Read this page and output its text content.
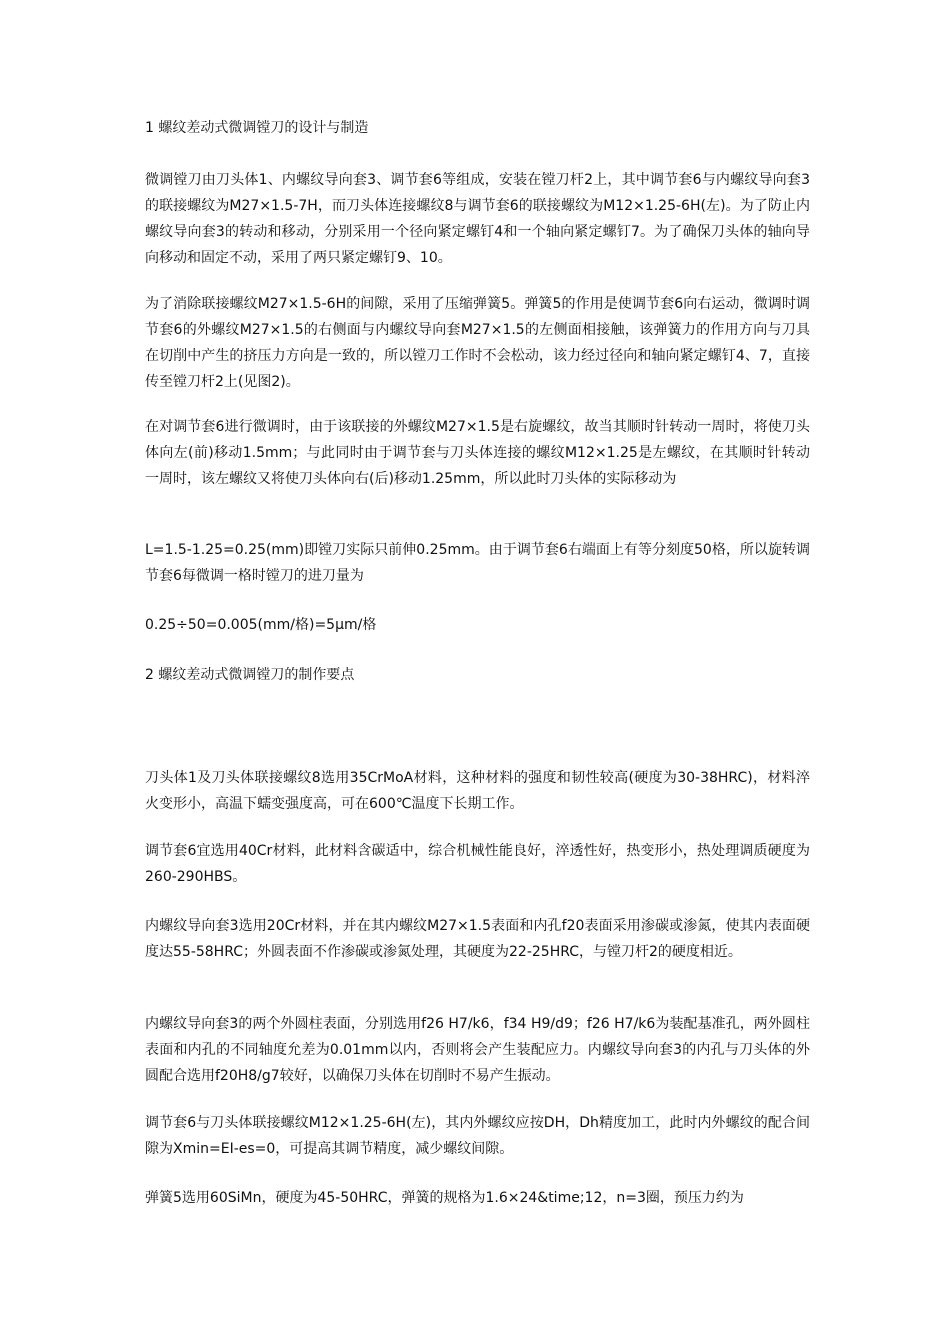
1 螺纹差动式微调镗刀的设计与制造

微调镗刀由刀头体1、内螺纹导向套3、调节套6等组成，安装在镗刀杆2上，其中调节套6与内螺纹导向套3的联接螺纹为M27×1.5-7H，而刀头体连接螺纹8与调节套6的联接螺纹为M12×1.25-6H(左)。为了防止内螺纹导向套3的转动和移动，分别采用一个径向紧定螺钉4和一个轴向紧定螺钉7。为了确保刀头体的轴向导向移动和固定不动，采用了两只紧定螺钉9、10。

为了消除联接螺纹M27×1.5-6H的间隙，采用了压缩弹簧5。弹簧5的作用是使调节套6向右运动，微调时调节套6的外螺纹M27×1.5的右侧面与内螺纹导向套M27×1.5的左侧面相接触，该弹簧力的作用方向与刀具在切削中产生的挤压力方向是一致的，所以镗刀工作时不会松动，该力经过径向和轴向紧定螺钉4、7，直接传至镗刀杆2上(见图2)。

在对调节套6进行微调时，由于该联接的外螺纹M27×1.5是右旋螺纹，故当其顺时针转动一周时，将使刀头体向左(前)移动1.5mm；与此同时由于调节套与刀头体连接的螺纹M12×1.25是左螺纹，在其顺时针转动一周时，该左螺纹又将使刀头体向右(后)移动1.25mm，所以此时刀头体的实际移动为

L=1.5-1.25=0.25(mm)即镗刀实际只前伸0.25mm。由于调节套6右端面上有等分刻度50格，所以旋转调节套6每微调一格时镗刀的进刀量为

0.25÷50=0.005(mm/格)=5μm/格

2 螺纹差动式微调镗刀的制作要点

刀头体1及刀头体联接螺纹8选用35CrMoA材料，这种材料的强度和韧性较高(硬度为30-38HRC)，材料淬火变形小，高温下蠕变强度高，可在600℃温度下长期工作。

调节套6宜选用40Cr材料，此材料含碳适中，综合机械性能良好，淬透性好，热变形小，热处理调质硬度为260-290HBS。

内螺纹导向套3选用20Cr材料，并在其内螺纹M27×1.5表面和内孔f20表面采用渗碳或渗氮，使其内表面硬度达55-58HRC；外圆表面不作渗碳或渗氮处理，其硬度为22-25HRC，与镗刀杆2的硬度相近。

内螺纹导向套3的两个外圆柱表面，分别选用f26 H7/k6，f34 H9/d9；f26 H7/k6为装配基准孔，两外圆柱表面和内孔的不同轴度允差为0.01mm以内，否则将会产生装配应力。内螺纹导向套3的内孔与刀头体的外圆配合选用f20H8/g7较好，以确保刀头体在切削时不易产生振动。

调节套6与刀头体联接螺纹M12×1.25-6H(左)，其内外螺纹应按DH，Dh精度加工，此时内外螺纹的配合间隙为Xmin=EI-es=0，可提高其调节精度，减少螺纹间隙。

弹簧5选用60SiMn，硬度为45-50HRC，弹簧的规格为1.6×24&time;12，n=3圈，预压力约为
